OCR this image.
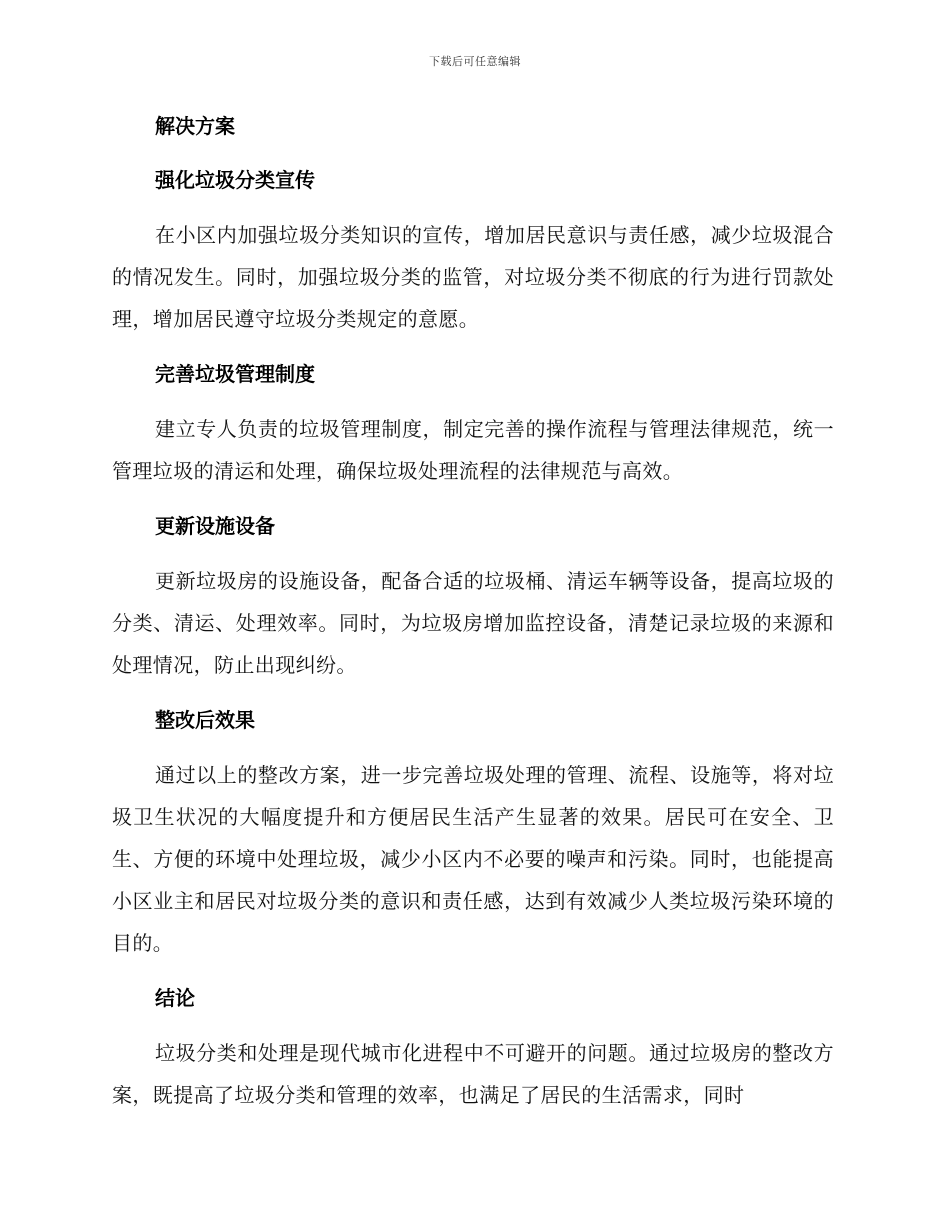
下载后可任意编辑
解决方案
强化垃圾分类宣传

在小区内加强垃圾分类知识的宣传，增加居民意识与责任感，减少垃圾混合的情况发生。同时，加强垃圾分类的监管，对垃圾分类不彻底的行为进行罚款处理，增加居民遵守垃圾分类规定的意愿。

完善垃圾管理制度

建立专人负责的垃圾管理制度，制定完善的操作流程与管理法律规范，统一管理垃圾的清运和处理，确保垃圾处理流程的法律规范与高效。

更新设施设备

更新垃圾房的设施设备，配备合适的垃圾桶、清运车辆等设备，提高垃圾的分类、清运、处理效率。同时，为垃圾房增加监控设备，清楚记录垃圾的来源和处理情况，防止出现纠纷。

整改后效果

通过以上的整改方案，进一步完善垃圾处理的管理、流程、设施等，将对垃圾卫生状况的大幅度提升和方便居民生活产生显著的效果。居民可在安全、卫生、方便的环境中处理垃圾，减少小区内不必要的噪声和污染。同时，也能提高小区业主和居民对垃圾分类的意识和责任感，达到有效减少人类垃圾污染环境的目的。

结论

垃圾分类和处理是现代城市化进程中不可避开的问题。通过垃圾房的整改方案，既提高了垃圾分类和管理的效率，也满足了居民的生活需求，同时
